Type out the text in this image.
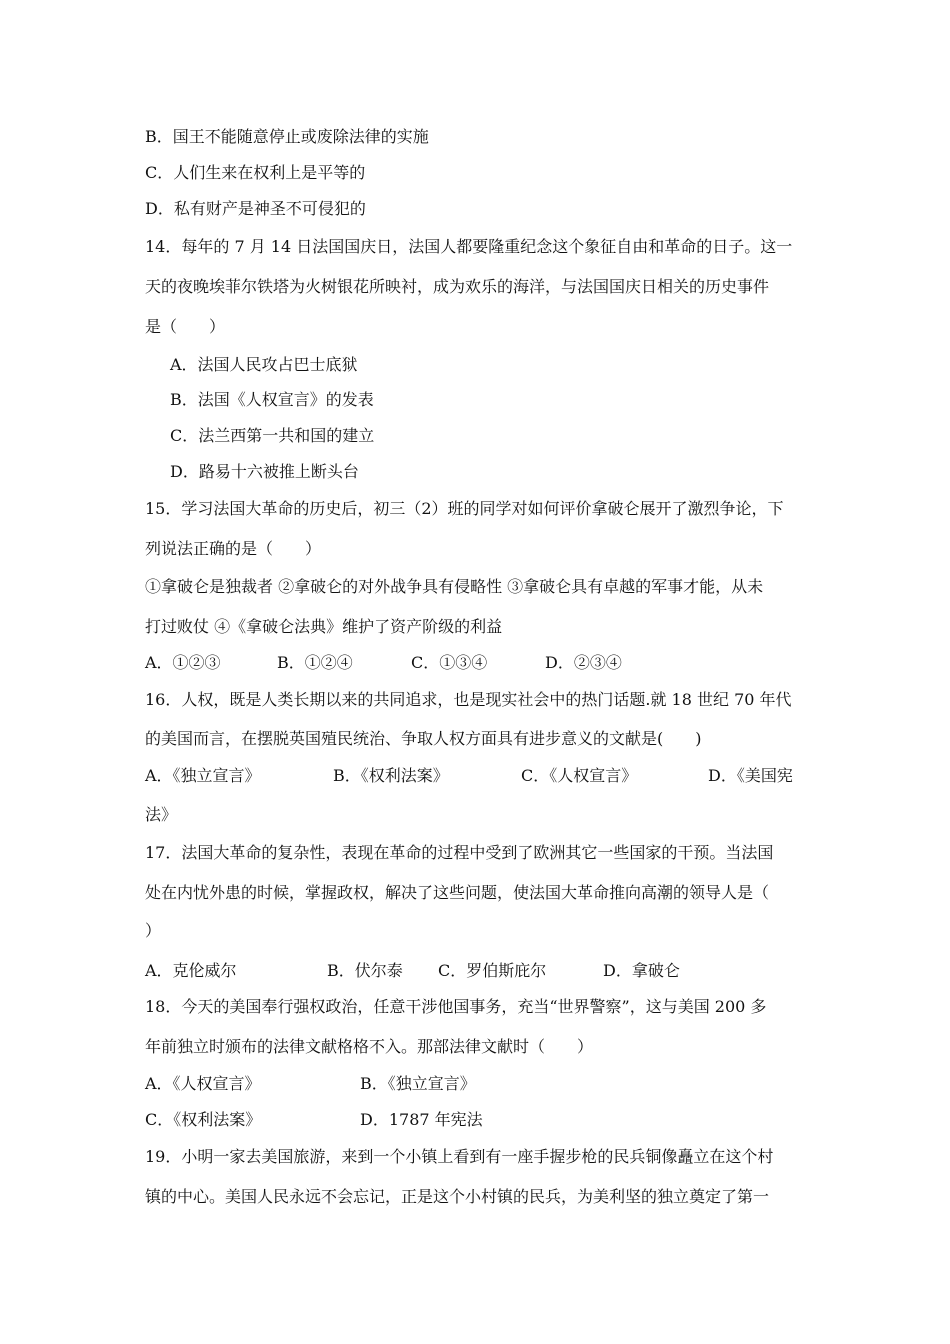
B．国王不能随意停止或废除法律的实施
C．人们生来在权利上是平等的
D．私有财产是神圣不可侵犯的
14．每年的 7 月 14 日法国国庆日，法国人都要隆重纪念这个象征自由和革命的日子。这一
天的夜晚埃菲尔铁塔为火树银花所映衬，成为欢乐的海洋，与法国国庆日相关的历史事件
是（　　）
A．法国人民攻占巴士底狱
B．法国《人权宣言》的发表
C．法兰西第一共和国的建立
D．路易十六被推上断头台
15．学习法国大革命的历史后，初三（2）班的同学对如何评价拿破仑展开了激烈争论，下
列说法正确的是（　　）
①拿破仑是独裁者 ②拿破仑的对外战争具有侵略性 ③拿破仑具有卓越的军事才能，从未
打过败仗 ④《拿破仑法典》维护了资产阶级的利益
A．①②③	B．①②④	C．①③④	D．②③④
16．人权，既是人类长期以来的共同追求，也是现实社会中的热门话题.就 18 世纪 70 年代
的美国而言，在摆脱英国殖民统治、争取人权方面具有进步意义的文献是(　　)
A．《独立宣言》	B．《权利法案》	C．《人权宣言》	D．《美国宪
法》
17．法国大革命的复杂性，表现在革命的过程中受到了欧洲其它一些国家的干预。当法国
处在内忧外患的时候，掌握政权，解决了这些问题，使法国大革命推向高潮的领导人是（
）
A．克伦威尔	B．伏尔泰 C．罗伯斯庇尔	D．拿破仑
18．今天的美国奉行强权政治，任意干涉他国事务，充当“世界警察”，这与美国 200 多
年前独立时颁布的法律文献格格不入。那部法律文献时（　　）
A．《人权宣言》	B．《独立宣言》
C．《权利法案》	D．1787 年宪法
19．小明一家去美国旅游，来到一个小镇上看到有一座手握步枪的民兵铜像矗立在这个村
镇的中心。美国人民永远不会忘记，正是这个小村镇的民兵，为美利坚的独立奠定了第一
